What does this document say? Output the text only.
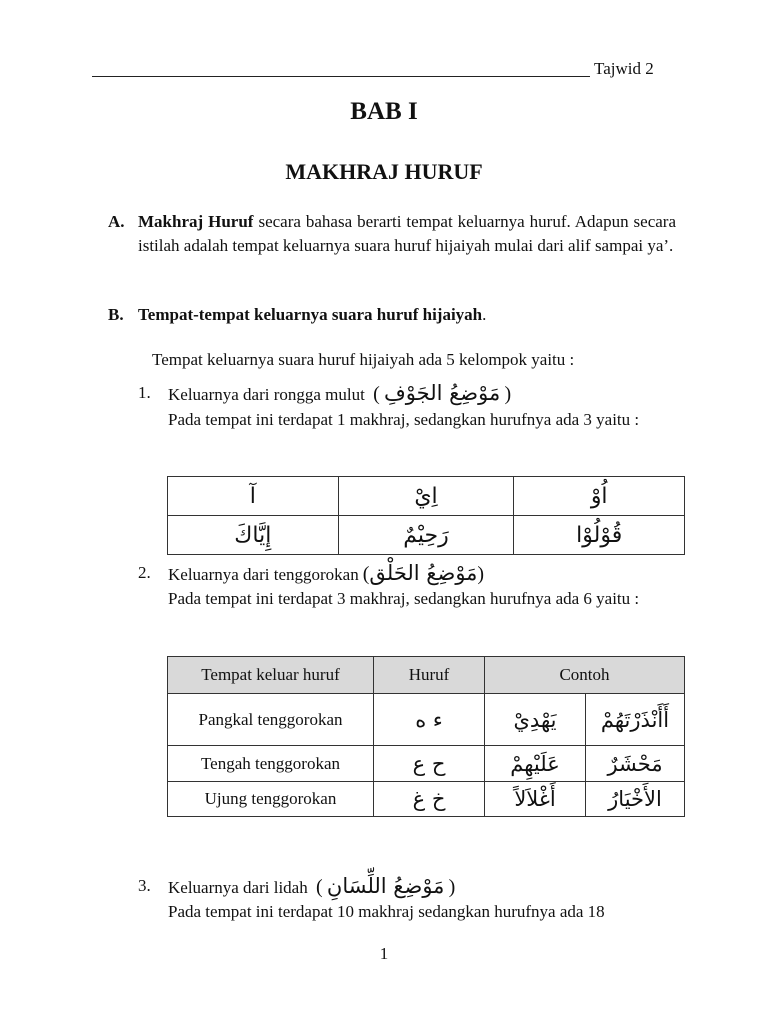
Tajwid 2
BAB I
MAKHRAJ HURUF
A. Makhraj Huruf secara bahasa berarti tempat keluarnya huruf. Adapun secara istilah adalah tempat keluarnya suara huruf hijaiyah mulai dari alif sampai ya’.
B. Tempat-tempat keluarnya suara huruf hijaiyah.
Tempat keluarnya suara huruf hijaiyah ada 5 kelompok yaitu :
1. Keluarnya dari rongga mulut ( مَوْضِعُ الجَوْفِ )
Pada tempat ini terdapat 1 makhraj, sedangkan hurufnya ada 3 yaitu :
آ	اِيْ	اُوْ
إِيَّاكَ	رَحِيْمٌ	قُوْلُوْا
2. Keluarnya dari tenggorokan (مَوْضِعُ الحَلْق)
Pada tempat ini terdapat 3 makhraj, sedangkan hurufnya ada 6 yaitu :
Tempat keluar huruf	Huruf	Contoh	
Pangkal tenggorokan	ء ه	يَهْدِيْ	أَأَنْذَرْتَهُمْ
Tengah tenggorokan	ح ع	عَلَيْهِمْ	مَحْشَرٌ
Ujung tenggorokan	خ غ	أَغْلاَلاً	الأَخْيَارُ
3. Keluarnya dari lidah ( مَوْضِعُ اللِّسَانِ )
Pada tempat ini terdapat 10 makhraj sedangkan hurufnya ada 18
1
